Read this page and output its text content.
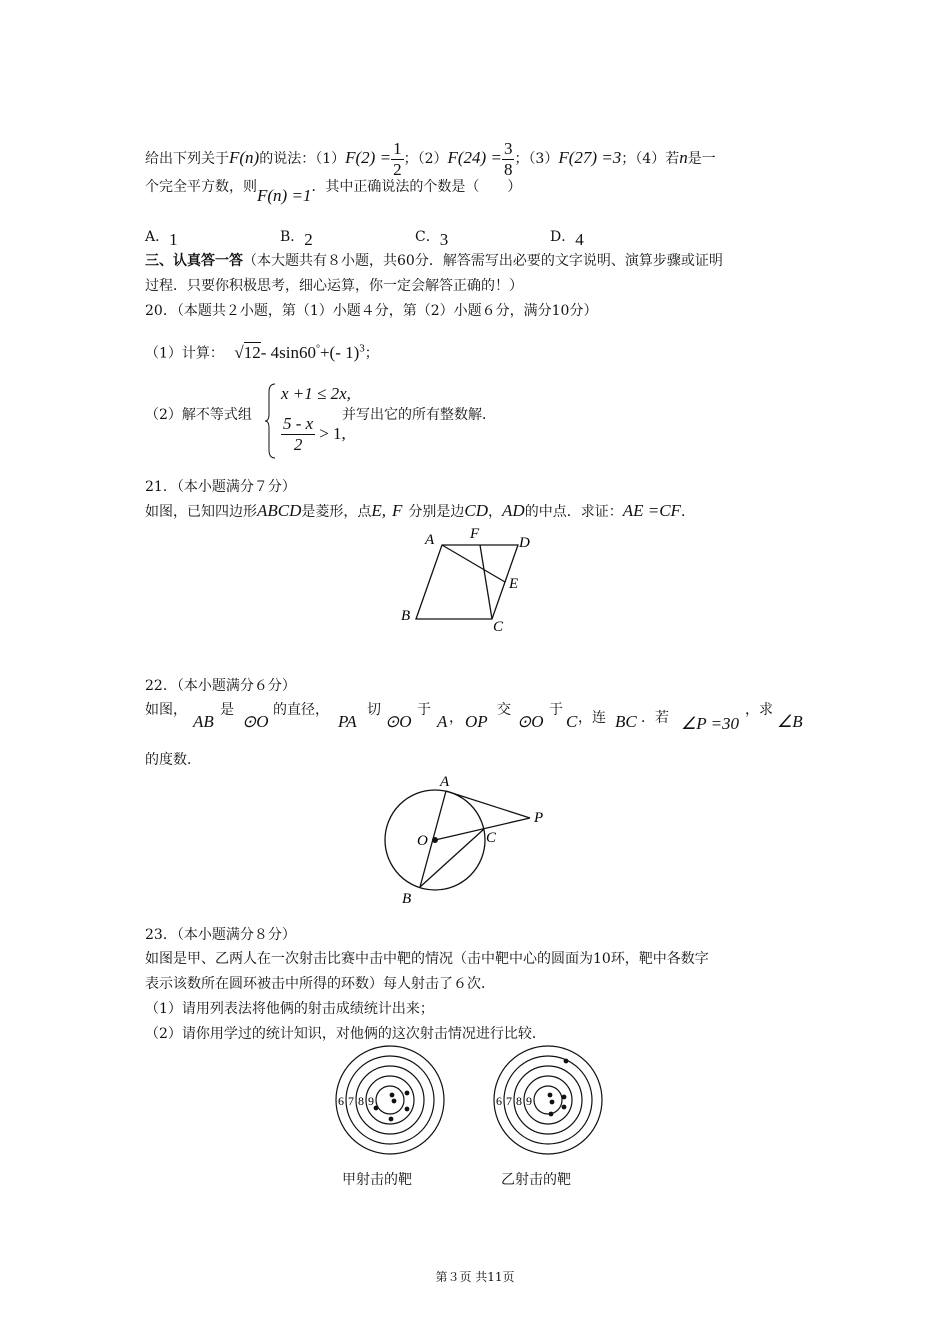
给出下列关于F(n)的说法：$(1)F(2) = \frac{1}{2}$ ；$(2)F(24) = \frac{3}{8}$ ；（3）F(27) =3；（4）若n是一
个完全平方数，则F(n) =1．其中正确说法的个数是（　　）
A．1	B．2	C．3	D．4
三、认真答一答（本大题共有８小题，共60分．解答需写出必要的文字说明、演算步骤或证明
过程．只要你积极思考，细心运算，你一定会解答正确的！）
20．（本题共２小题，第（1）小题４分，第（2）小题６分，满分10分）
（1）计算： √12- 4sin60°+(- 1)$^3$；
（2）解不等式组
x +1 ≤ 2x,
$\frac{5 - x}{2} > 1$,
并写出它的所有整数解．
21．（本小题满分７分）
如图，已知四边形ABCD是菱形，点E, F 分别是边CD，AD的中点．求证：AE =CF．
A F
D
E
B
C
22．（本小题满分６分）
如图，
AB
是
⊙O
的直径，
PA
切
⊙O
于
A ， OP
交
⊙O
于
C ，连 BC ．若 ∠P =30
，求
∠B
的度数．
A
O	C
P
B
23．（本小题满分８分）
如图是甲、乙两人在一次射击比赛中击中靶的情况（击中靶中心的圆面为10环，靶中各数字
表示该数所在圆环被击中所得的环数）每人射击了６次．
（1）请用列表法将他俩的射击成绩统计出来；
（2）请你用学过的统计知识，对他俩的这次射击情况进行比较．
6 7 8 9
甲射击的靶
6 7 8 9
乙射击的靶
第３页 共11页
